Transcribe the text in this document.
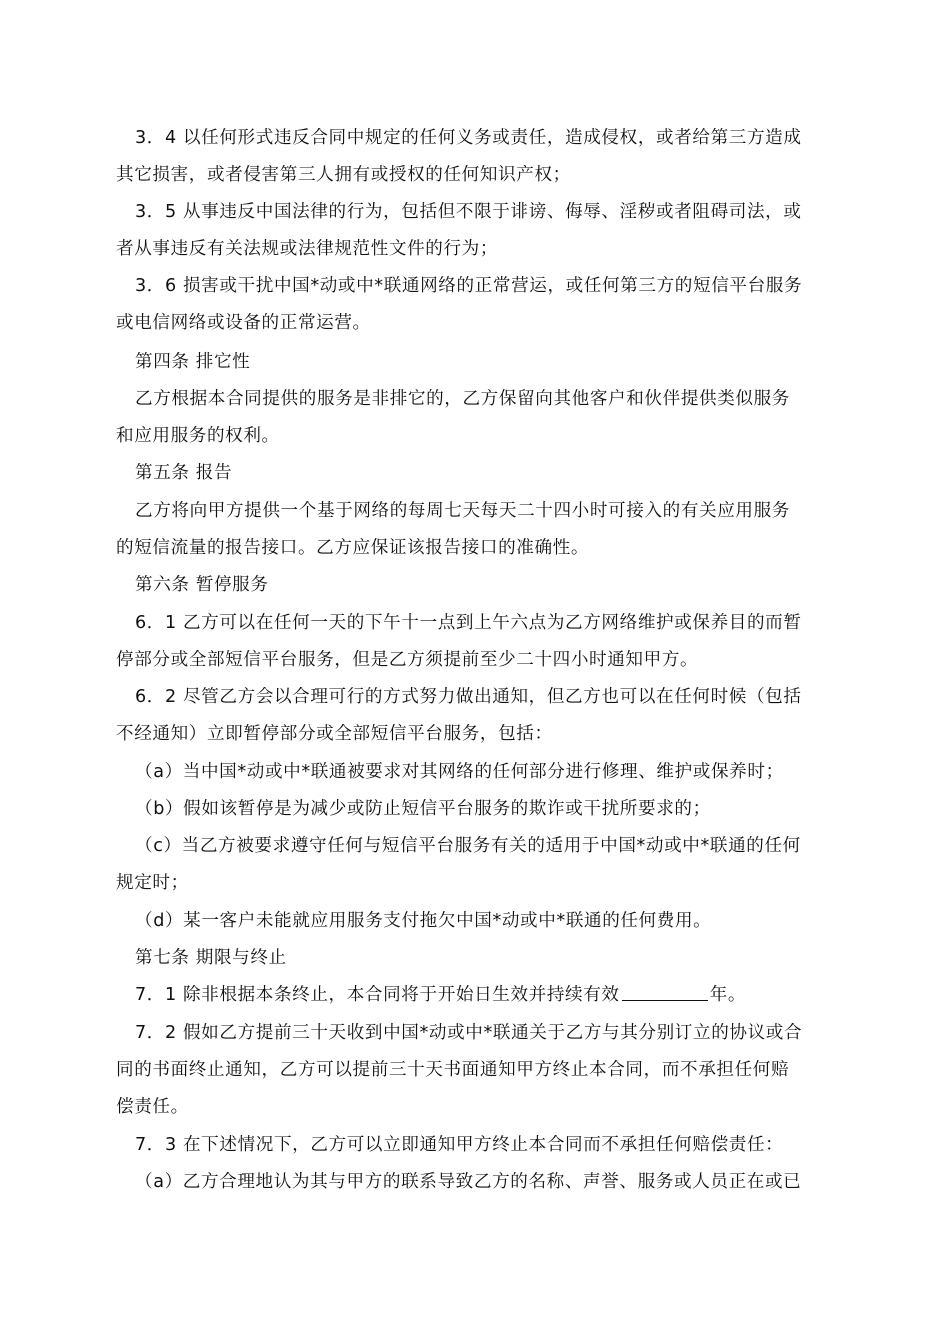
3．4 以任何形式违反合同中规定的任何义务或责任，造成侵权，或者给第三方造成
其它损害，或者侵害第三人拥有或授权的任何知识产权；
3．5 从事违反中国法律的行为，包括但不限于诽谤、侮辱、淫秽或者阻碍司法，或
者从事违反有关法规或法律规范性文件的行为；
3．6 损害或干扰中国*动或中*联通网络的正常营运，或任何第三方的短信平台服务
或电信网络或设备的正常运营。
第四条 排它性
乙方根据本合同提供的服务是非排它的，乙方保留向其他客户和伙伴提供类似服务
和应用服务的权利。
第五条 报告
乙方将向甲方提供一个基于网络的每周七天每天二十四小时可接入的有关应用服务
的短信流量的报告接口。乙方应保证该报告接口的准确性。
第六条 暂停服务
6．1 乙方可以在任何一天的下午十一点到上午六点为乙方网络维护或保养目的而暂
停部分或全部短信平台服务，但是乙方须提前至少二十四小时通知甲方。
6．2 尽管乙方会以合理可行的方式努力做出通知，但乙方也可以在任何时候（包括
不经通知）立即暂停部分或全部短信平台服务，包括：
（a）当中国*动或中*联通被要求对其网络的任何部分进行修理、维护或保养时；
（b）假如该暂停是为减少或防止短信平台服务的欺诈或干扰所要求的；
（c）当乙方被要求遵守任何与短信平台服务有关的适用于中国*动或中*联通的任何
规定时；
（d）某一客户未能就应用服务支付拖欠中国*动或中*联通的任何费用。
第七条 期限与终止
7．1 除非根据本条终止，本合同将于开始日生效并持续有效	年。
7．2 假如乙方提前三十天收到中国*动或中*联通关于乙方与其分别订立的协议或合
同的书面终止通知，乙方可以提前三十天书面通知甲方终止本合同，而不承担任何赔
偿责任。
7．3 在下述情况下，乙方可以立即通知甲方终止本合同而不承担任何赔偿责任：
（a）乙方合理地认为其与甲方的联系导致乙方的名称、声誉、服务或人员正在或已
